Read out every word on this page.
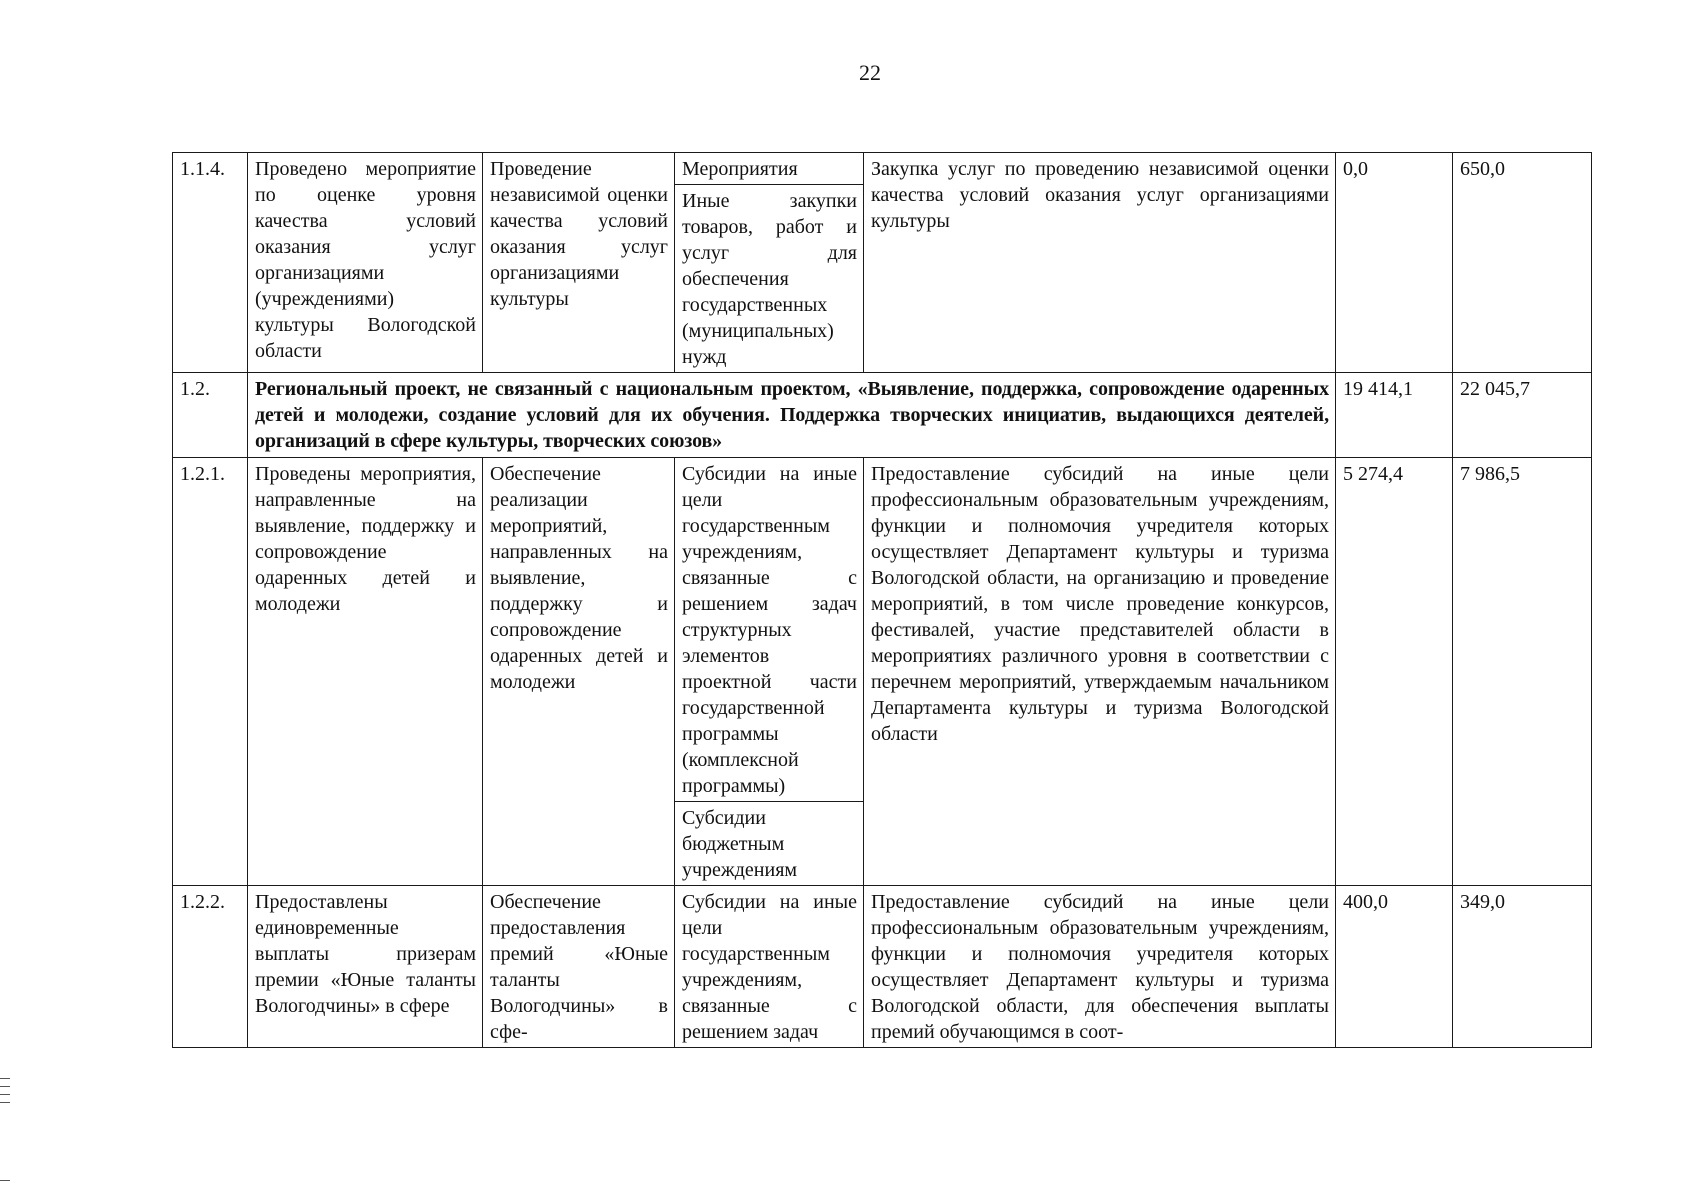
22
1.1.4.	Проведено мероприятие по оценке уровня качества условий оказания услуг организациями (учреждениями) культуры Вологодской области	Проведение независимой оценки качества условий оказания услуг организациями культуры	Мероприятия	Закупка услуг по проведению независимой оценки качества условий оказания услуг организациями культуры	0,0	650,0
			Иные закупки товаров, работ и услуг для обеспечения государственных (муниципальных) нужд			
1.2.	Региональный проект, не связанный с национальным проектом, «Выявление, поддержка, сопровождение одаренных детей и молодежи, создание условий для их обучения. Поддержка творческих инициатив, выдающихся деятелей, организаций в сфере культуры, творческих союзов»				19 414,1	22 045,7
1.2.1.	Проведены мероприятия, направленные на выявление, поддержку и сопровождение одаренных детей и молодежи	Обеспечение реализации мероприятий, направленных на выявление, поддержку и сопровождение одаренных детей и молодежи	Субсидии на иные цели государственным учреждениям, связанные с решением задач структурных элементов проектной части государственной программы (комплексной программы)	Предоставление субсидий на иные цели профессиональным образовательным учреждениям, функции и полномочия учредителя которых осуществляет Департамент культуры и туризма Вологодской области, на организацию и проведение мероприятий, в том числе проведение конкурсов, фестивалей, участие представителей области в мероприятиях различного уровня в соответствии с перечнем мероприятий, утверждаемым начальником Департамента культуры и туризма Вологодской области	5 274,4	7 986,5
			Субсидии бюджетным учреждениям			
1.2.2.	Предоставлены единовременные выплаты призерам премии «Юные таланты Вологодчины» в сфере	Обеспечение предоставления премий «Юные таланты Вологодчины» в сфе-	Субсидии на иные цели государственным учреждениям, связанные с решением задач	Предоставление субсидий на иные цели профессиональным образовательным учреждениям, функции и полномочия учредителя которых осуществляет Департамент культуры и туризма Вологодской области, для обеспечения выплаты премий обучающимся в соот-	400,0	349,0
